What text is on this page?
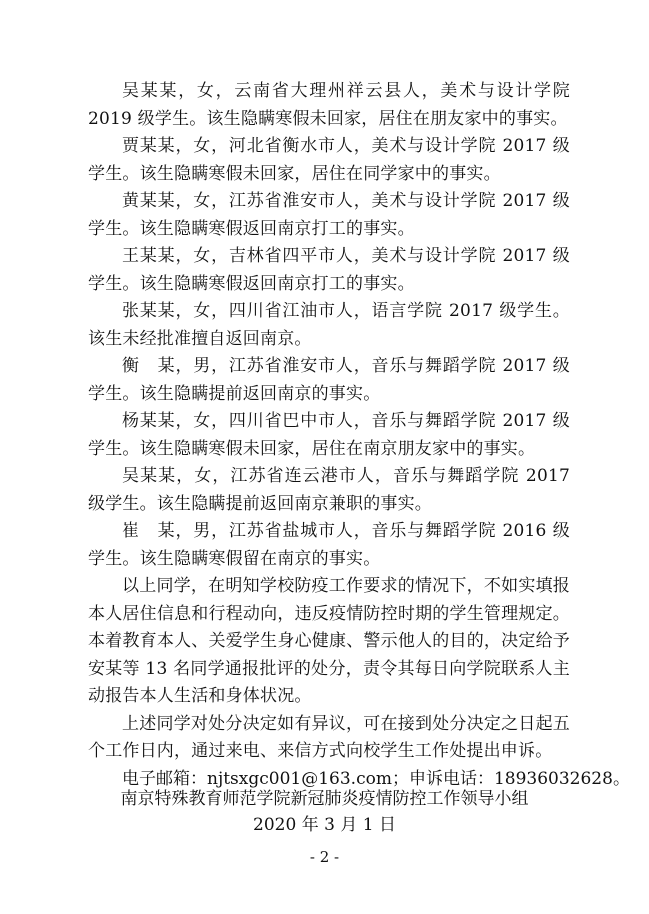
吴某某，女，云南省大理州祥云县人，美术与设计学院 2019 级学生。该生隐瞒寒假未回家，居住在朋友家中的事实。

贾某某，女，河北省衡水市人，美术与设计学院 2017 级学生。该生隐瞒寒假未回家，居住在同学家中的事实。

黄某某，女，江苏省淮安市人，美术与设计学院 2017 级学生。该生隐瞒寒假返回南京打工的事实。

王某某，女，吉林省四平市人，美术与设计学院 2017 级学生。该生隐瞒寒假返回南京打工的事实。

张某某，女，四川省江油市人，语言学院 2017 级学生。该生未经批准擅自返回南京。

衡　某，男，江苏省淮安市人，音乐与舞蹈学院 2017 级学生。该生隐瞒提前返回南京的事实。

杨某某，女，四川省巴中市人，音乐与舞蹈学院 2017 级学生。该生隐瞒寒假未回家，居住在南京朋友家中的事实。

吴某某，女，江苏省连云港市人，音乐与舞蹈学院 2017 级学生。该生隐瞒提前返回南京兼职的事实。

崔　某，男，江苏省盐城市人，音乐与舞蹈学院 2016 级学生。该生隐瞒寒假留在南京的事实。

以上同学，在明知学校防疫工作要求的情况下，不如实填报本人居住信息和行程动向，违反疫情防控时期的学生管理规定。本着教育本人、关爱学生身心健康、警示他人的目的，决定给予安某等 13 名同学通报批评的处分，责令其每日向学院联系人主动报告本人生活和身体状况。

上述同学对处分决定如有异议，可在接到处分决定之日起五个工作日内，通过来电、来信方式向校学生工作处提出申诉。

电子邮箱：njtsxgc001@163.com；申诉电话：18936032628。

南京特殊教育师范学院新冠肺炎疫情防控工作领导小组
2020 年 3 月 1 日
- 2 -
